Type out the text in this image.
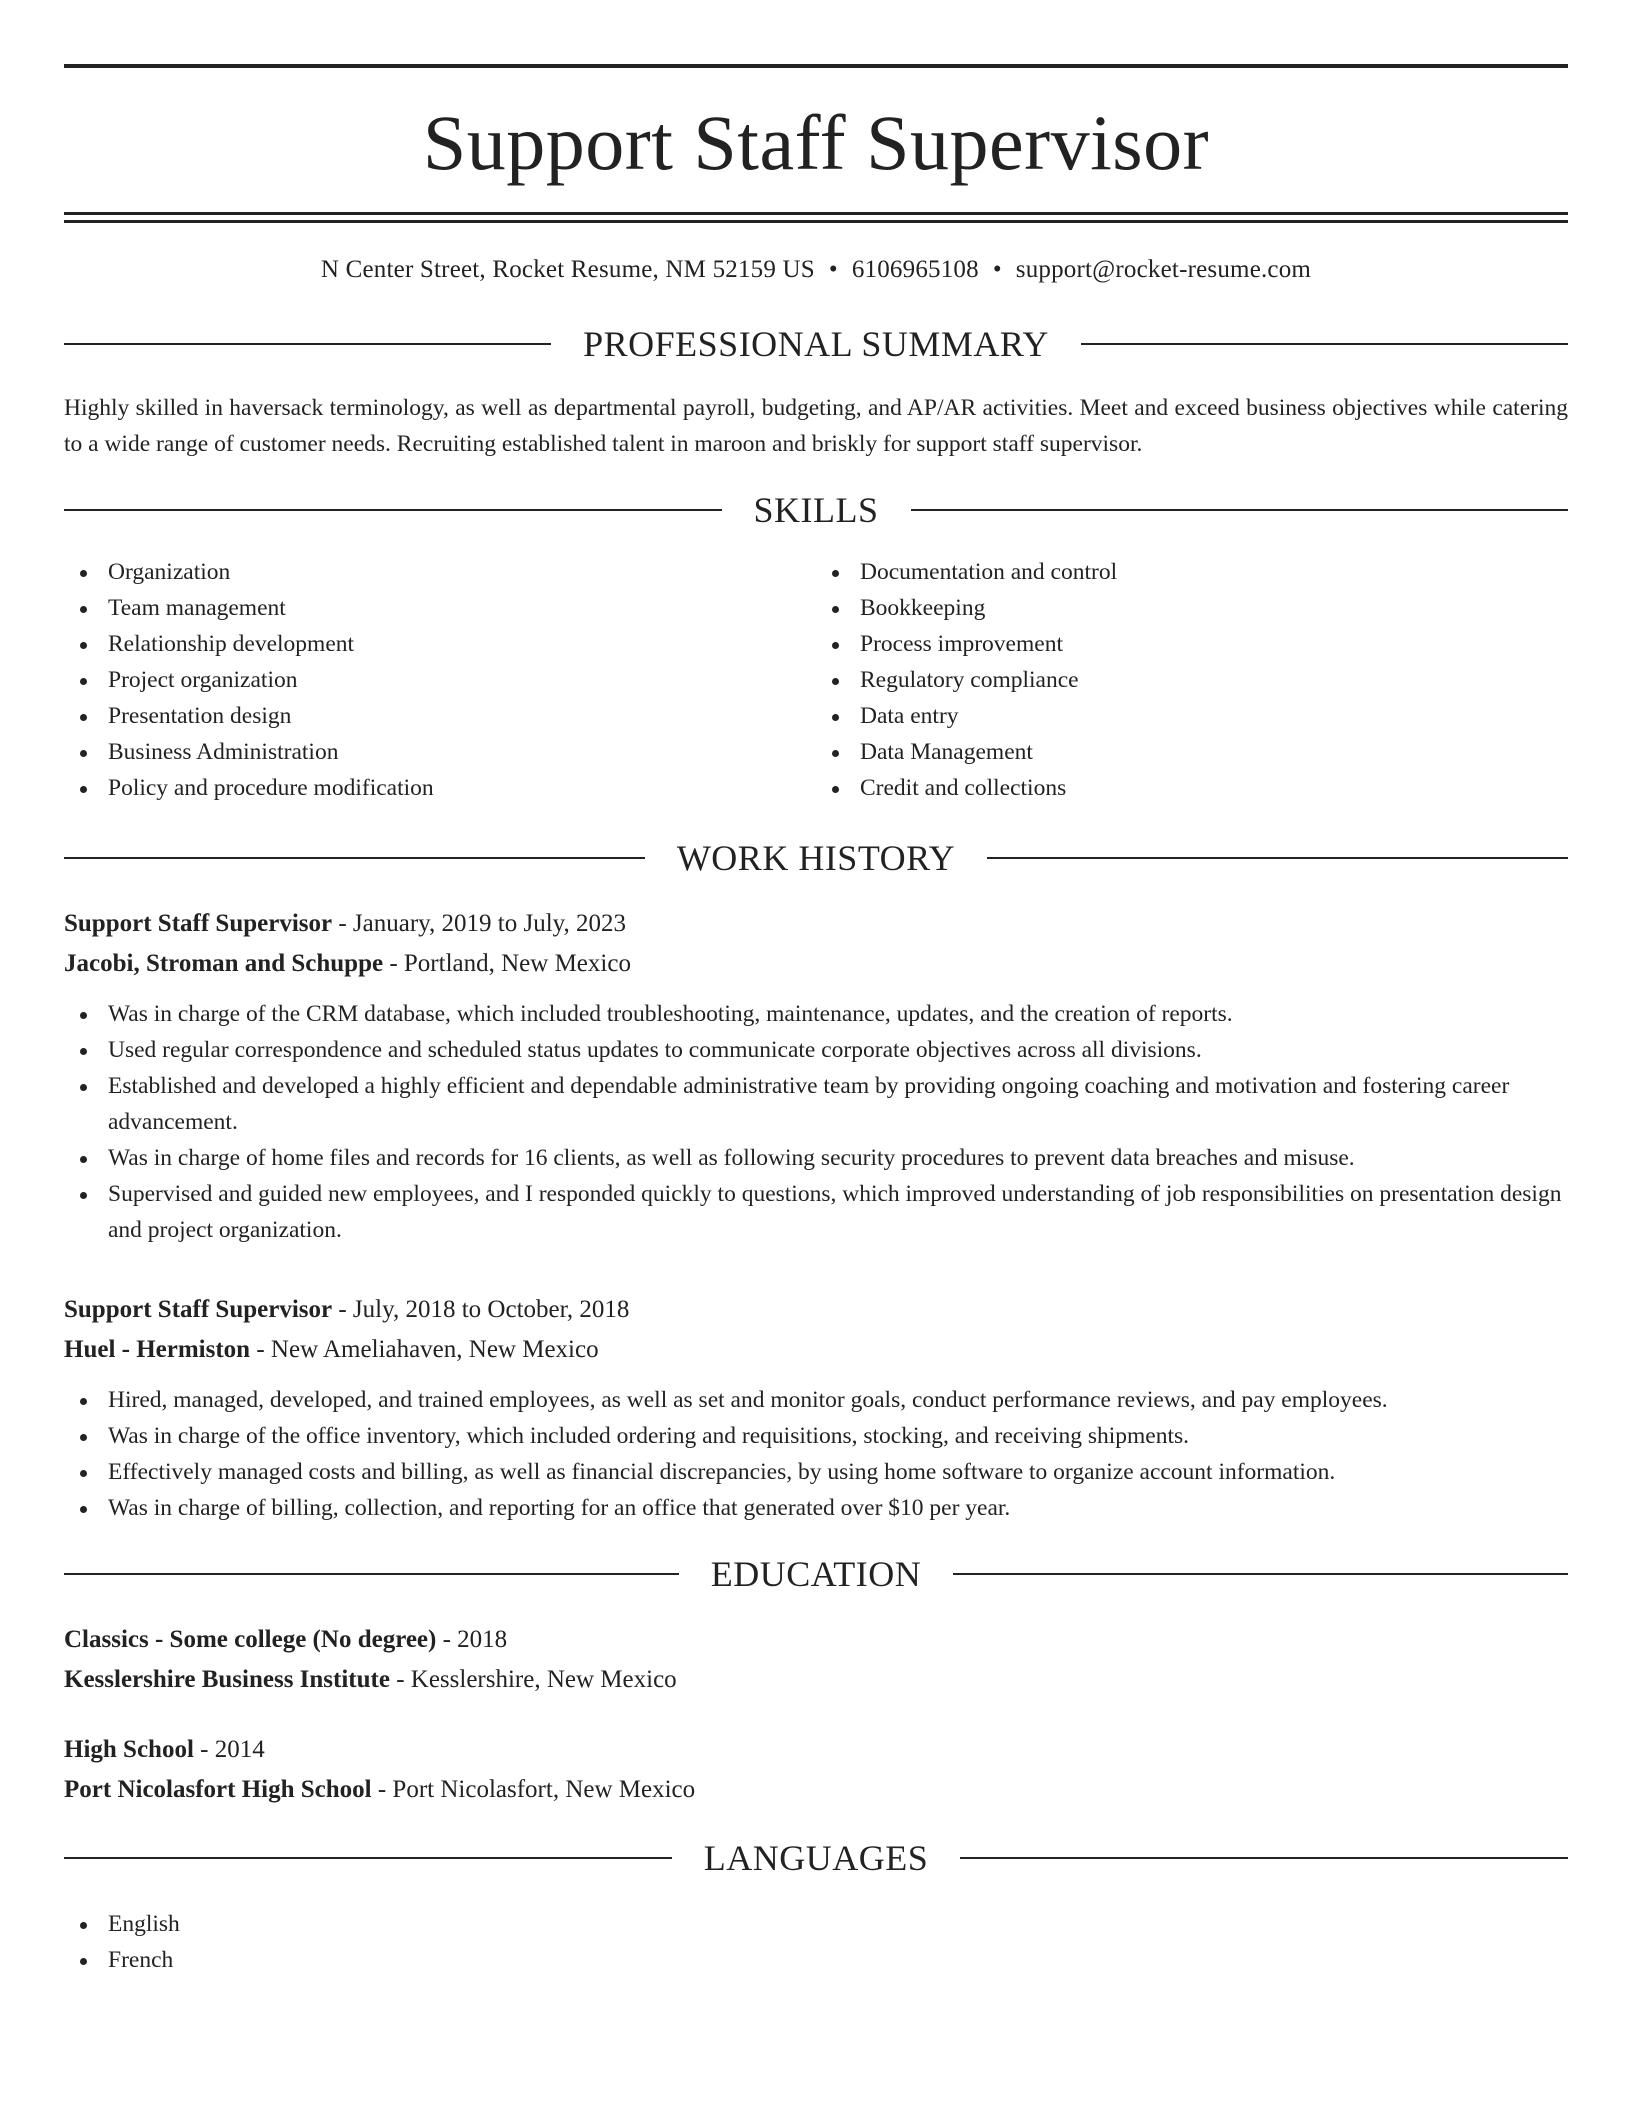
Support Staff Supervisor
N Center Street, Rocket Resume, NM 52159 US • 6106965108 • support@rocket-resume.com
PROFESSIONAL SUMMARY

Highly skilled in haversack terminology, as well as departmental payroll, budgeting, and AP/AR activities. Meet and exceed business objectives while catering to a wide range of customer needs. Recruiting established talent in maroon and briskly for support staff supervisor.

SKILLS
Organization
Team management
Relationship development
Project organization
Presentation design
Business Administration
Policy and procedure modification
Documentation and control
Bookkeeping
Process improvement
Regulatory compliance
Data entry
Data Management
Credit and collections
WORK HISTORY
Support Staff Supervisor - January, 2019 to July, 2023
Jacobi, Stroman and Schuppe - Portland, New Mexico
Was in charge of the CRM database, which included troubleshooting, maintenance, updates, and the creation of reports.
Used regular correspondence and scheduled status updates to communicate corporate objectives across all divisions.
Established and developed a highly efficient and dependable administrative team by providing ongoing coaching and motivation and fostering career advancement.
Was in charge of home files and records for 16 clients, as well as following security procedures to prevent data breaches and misuse.
Supervised and guided new employees, and I responded quickly to questions, which improved understanding of job responsibilities on presentation design and project organization.
Support Staff Supervisor - July, 2018 to October, 2018
Huel - Hermiston - New Ameliahaven, New Mexico
Hired, managed, developed, and trained employees, as well as set and monitor goals, conduct performance reviews, and pay employees.
Was in charge of the office inventory, which included ordering and requisitions, stocking, and receiving shipments.
Effectively managed costs and billing, as well as financial discrepancies, by using home software to organize account information.
Was in charge of billing, collection, and reporting for an office that generated over $10 per year.
EDUCATION
Classics - Some college (No degree) - 2018
Kesslershire Business Institute - Kesslershire, New Mexico
High School - 2014
Port Nicolasfort High School - Port Nicolasfort, New Mexico
LANGUAGES
English
French
